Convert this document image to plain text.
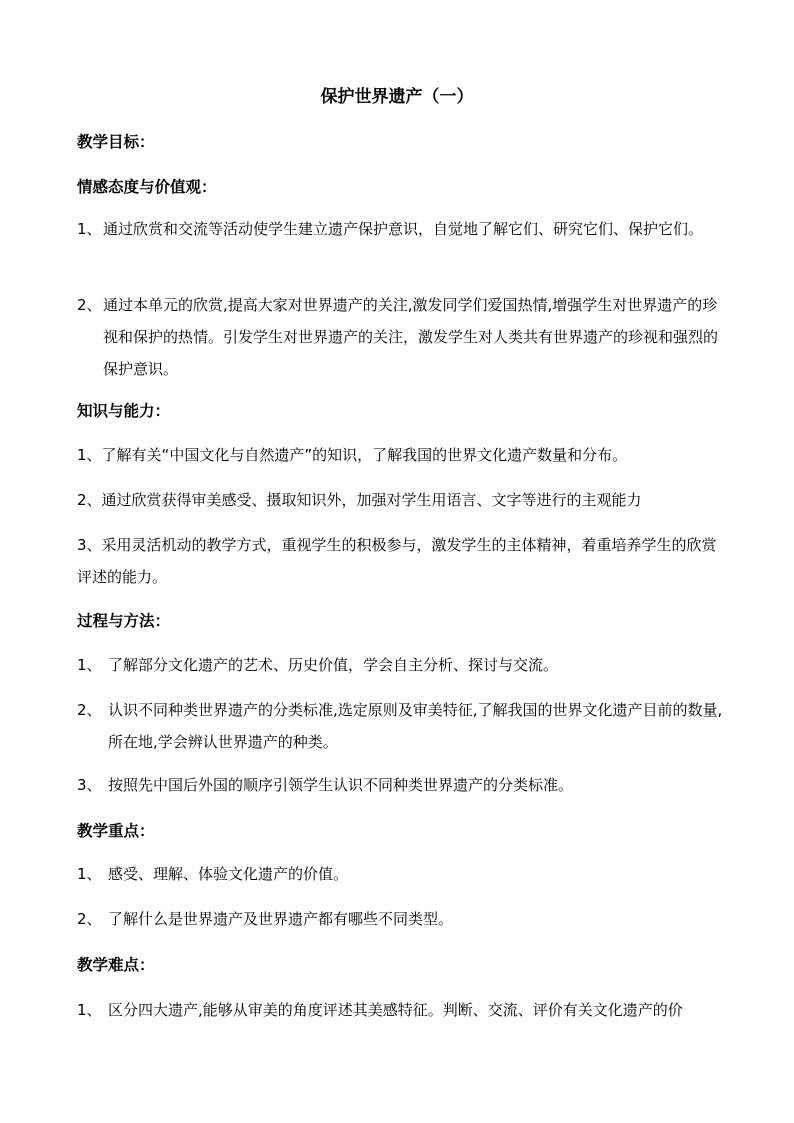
保护世界遗产（一）
教学目标：
情感态度与价值观：
1、 通过欣赏和交流等活动使学生建立遗产保护意识，自觉地了解它们、研究它们、保护它们。
2、 通过本单元的欣赏,提高大家对世界遗产的关注,激发同学们爱国热情,增强学生对世界遗产的珍视和保护的热情。引发学生对世界遗产的关注，激发学生对人类共有世界遗产的珍视和强烈的保护意识。
知识与能力：
1、了解有关“中国文化与自然遗产”的知识，了解我国的世界文化遗产数量和分布。
2、通过欣赏获得审美感受、摄取知识外，加强对学生用语言、文字等进行的主观能力
3、采用灵活机动的教学方式，重视学生的积极参与，激发学生的主体精神，着重培养学生的欣赏评述的能力。
过程与方法：
1、 了解部分文化遗产的艺术、历史价值，学会自主分析、探讨与交流。
2、 认识不同种类世界遗产的分类标准,选定原则及审美特征,了解我国的世界文化遗产目前的数量,所在地,学会辨认世界遗产的种类。
3、 按照先中国后外国的顺序引领学生认识不同种类世界遗产的分类标准。
教学重点：
1、 感受、理解、体验文化遗产的价值。
2、 了解什么是世界遗产及世界遗产都有哪些不同类型。
教学难点：
1、 区分四大遗产,能够从审美的角度评述其美感特征。判断、交流、评价有关文化遗产的价
